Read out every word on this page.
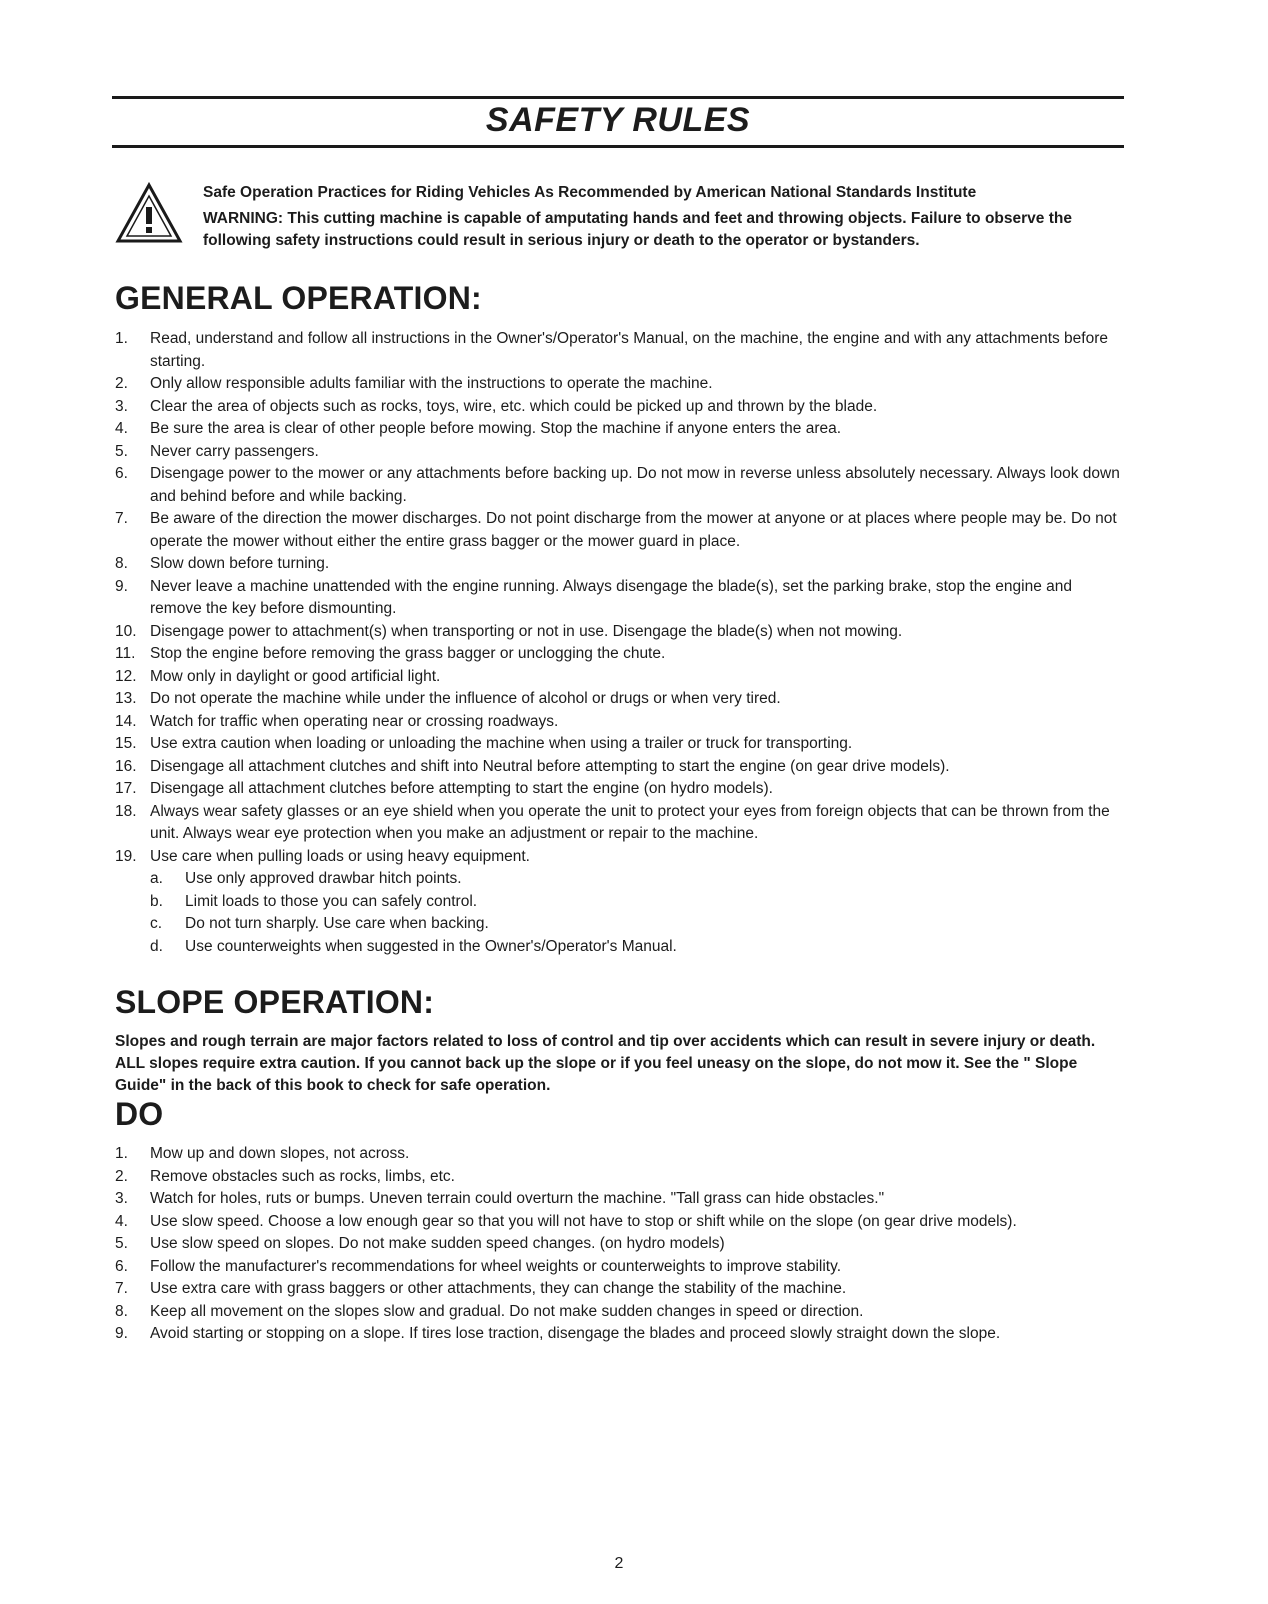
SAFETY RULES

Safe Operation Practices for Riding Vehicles As Recommended by American National Standards Institute

WARNING: This cutting machine is capable of amputating hands and feet and throwing objects. Failure to observe the following safety instructions could result in serious injury or death to the operator or bystanders.

GENERAL OPERATION:
1.	Read, understand and follow all instructions in the Owner's/Operator's Manual, on the machine, the engine and with any attachments before starting.
2.	Only allow responsible adults familiar with the instructions to operate the machine.
3.	Clear the area of objects such as rocks, toys, wire, etc. which could be picked up and thrown by the blade.
4.	Be sure the area is clear of other people before mowing. Stop the machine if anyone enters the area.
5.	Never carry passengers.
6.	Disengage power to the mower or any attachments before backing up. Do not mow in reverse unless absolutely necessary. Always look down and behind before and while backing.
7.	Be aware of the direction the mower discharges. Do not point discharge from the mower at anyone or at places where people may be. Do not operate the mower without either the entire grass bagger or the mower guard in place.
8.	Slow down before turning.
9.	Never leave a machine unattended with the engine running. Always disengage the blade(s), set the parking brake, stop the engine and remove the key before dismounting.
10. Disengage power to attachment(s) when transporting or not in use. Disengage the blade(s) when not mowing.
11. Stop the engine before removing the grass bagger or unclogging the chute.
12. Mow only in daylight or good artificial light.
13. Do not operate the machine while under the influence of alcohol or drugs or when very tired.
14. Watch for traffic when operating near or crossing roadways.
15. Use extra caution when loading or unloading the machine when using a trailer or truck for transporting.
16. Disengage all attachment clutches and shift into Neutral before attempting to start the engine (on gear drive models).
17. Disengage all attachment clutches before attempting to start the engine (on hydro models).
18. Always wear safety glasses or an eye shield when you operate the unit to protect your eyes from foreign objects that can be thrown from the unit. Always wear eye protection when you make an adjustment or repair to the machine.
19. Use care when pulling loads or using heavy equipment.
a.	Use only approved drawbar hitch points.
b.	Limit loads to those you can safely control.
c.	Do not turn sharply. Use care when backing.
d.	Use counterweights when suggested in the Owner's/Operator's Manual.
SLOPE OPERATION:

Slopes and rough terrain are major factors related to loss of control and tip over accidents which can result in severe injury or death. ALL slopes require extra caution. If you cannot back up the slope or if you feel uneasy on the slope, do not mow it. See the " Slope Guide" in the back of this book to check for safe operation.

DO
1.	Mow up and down slopes, not across.
2.	Remove obstacles such as rocks, limbs, etc.
3.	Watch for holes, ruts or bumps. Uneven terrain could overturn the machine. "Tall grass can hide obstacles."
4.	Use slow speed. Choose a low enough gear so that you will not have to stop or shift while on the slope (on gear drive models).
5.	Use slow speed on slopes. Do not make sudden speed changes. (on hydro models)
6.	Follow the manufacturer's recommendations for wheel weights or counterweights to improve stability.
7.	Use extra care with grass baggers or other attachments, they can change the stability of the machine.
8.	Keep all movement on the slopes slow and gradual. Do not make sudden changes in speed or direction.
9.	Avoid starting or stopping on a slope. If tires lose traction, disengage the blades and proceed slowly straight down the slope.
2
